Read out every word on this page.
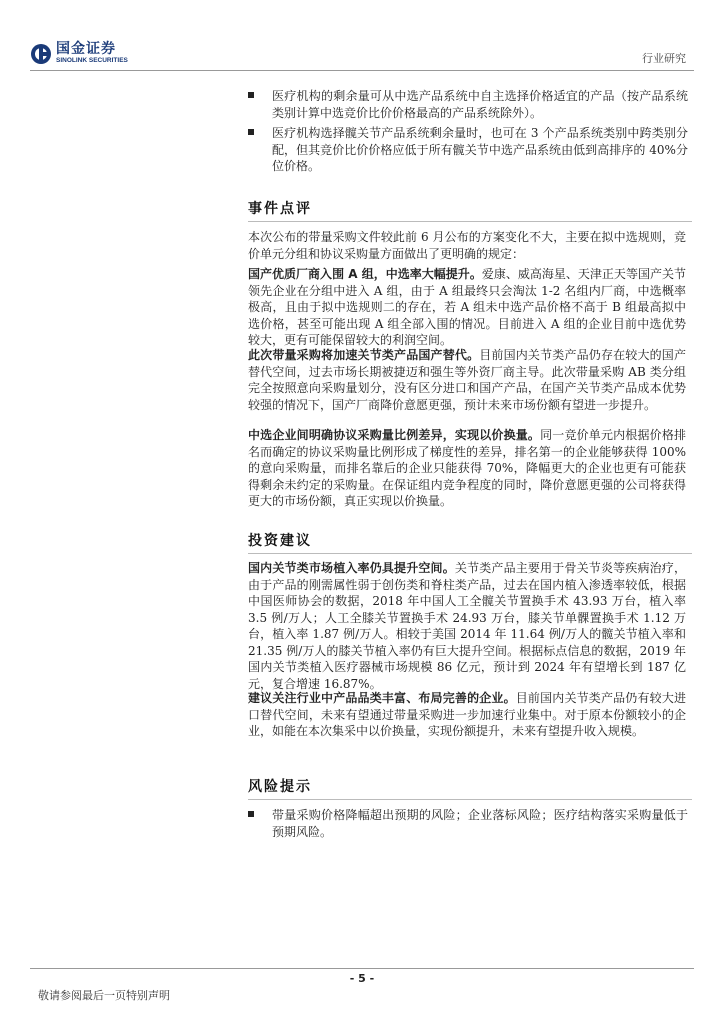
国金证券
SINOLINK SECURITIES	行业研究
医疗机构的剩余量可从中选产品系统中自主选择价格适宜的产品（按产品系统类别计算中选竞价比价价格最高的产品系统除外）。
医疗机构选择髋关节产品系统剩余量时，也可在 3 个产品系统类别中跨类别分配，但其竞价比价价格应低于所有髋关节中选产品系统由低到高排序的 40%分位价格。
事件点评
本次公布的带量采购文件较此前 6 月公布的方案变化不大，主要在拟中选规则，竞价单元分组和协议采购量方面做出了更明确的规定：
国产优质厂商入围 A 组，中选率大幅提升。爱康、威高海星、天津正天等国产关节领先企业在分组中进入 A 组，由于 A 组最终只会淘汰 1-2 名组内厂商，中选概率极高，且由于拟中选规则二的存在，若 A 组未中选产品价格不高于 B 组最高拟中选价格，甚至可能出现 A 组全部入围的情况。目前进入 A 组的企业目前中选优势较大，更有可能保留较大的利润空间。
此次带量采购将加速关节类产品国产替代。目前国内关节类产品仍存在较大的国产替代空间，过去市场长期被捷迈和强生等外资厂商主导。此次带量采购 AB 类分组完全按照意向采购量划分，没有区分进口和国产产品，在国产关节类产品成本优势较强的情况下，国产厂商降价意愿更强，预计未来市场份额有望进一步提升。
中选企业间明确协议采购量比例差异，实现以价换量。同一竞价单元内根据价格排名而确定的协议采购量比例形成了梯度性的差异，排名第一的企业能够获得 100%的意向采购量，而排名靠后的企业只能获得 70%，降幅更大的企业也更有可能获得剩余未约定的采购量。在保证组内竞争程度的同时，降价意愿更强的公司将获得更大的市场份额，真正实现以价换量。
投资建议
国内关节类市场植入率仍具提升空间。关节类产品主要用于骨关节炎等疾病治疗，由于产品的刚需属性弱于创伤类和脊柱类产品，过去在国内植入渗透率较低，根据中国医师协会的数据，2018 年中国人工全髋关节置换手术 43.93 万台，植入率 3.5 例/万人；人工全膝关节置换手术 24.93 万台，膝关节单髁置换手术 1.12 万台，植入率 1.87 例/万人。相较于美国 2014 年 11.64 例/万人的髋关节植入率和 21.35 例/万人的膝关节植入率仍有巨大提升空间。根据标点信息的数据，2019 年国内关节类植入医疗器械市场规模 86 亿元，预计到 2024 年有望增长到 187 亿元，复合增速 16.87%。
建议关注行业中产品品类丰富、布局完善的企业。目前国内关节类产品仍有较大进口替代空间，未来有望通过带量采购进一步加速行业集中。对于原本份额较小的企业，如能在本次集采中以价换量，实现份额提升，未来有望提升收入规模。
风险提示
带量采购价格降幅超出预期的风险；企业落标风险；医疗结构落实采购量低于预期风险。
- 5 -
敬请参阅最后一页特别声明
